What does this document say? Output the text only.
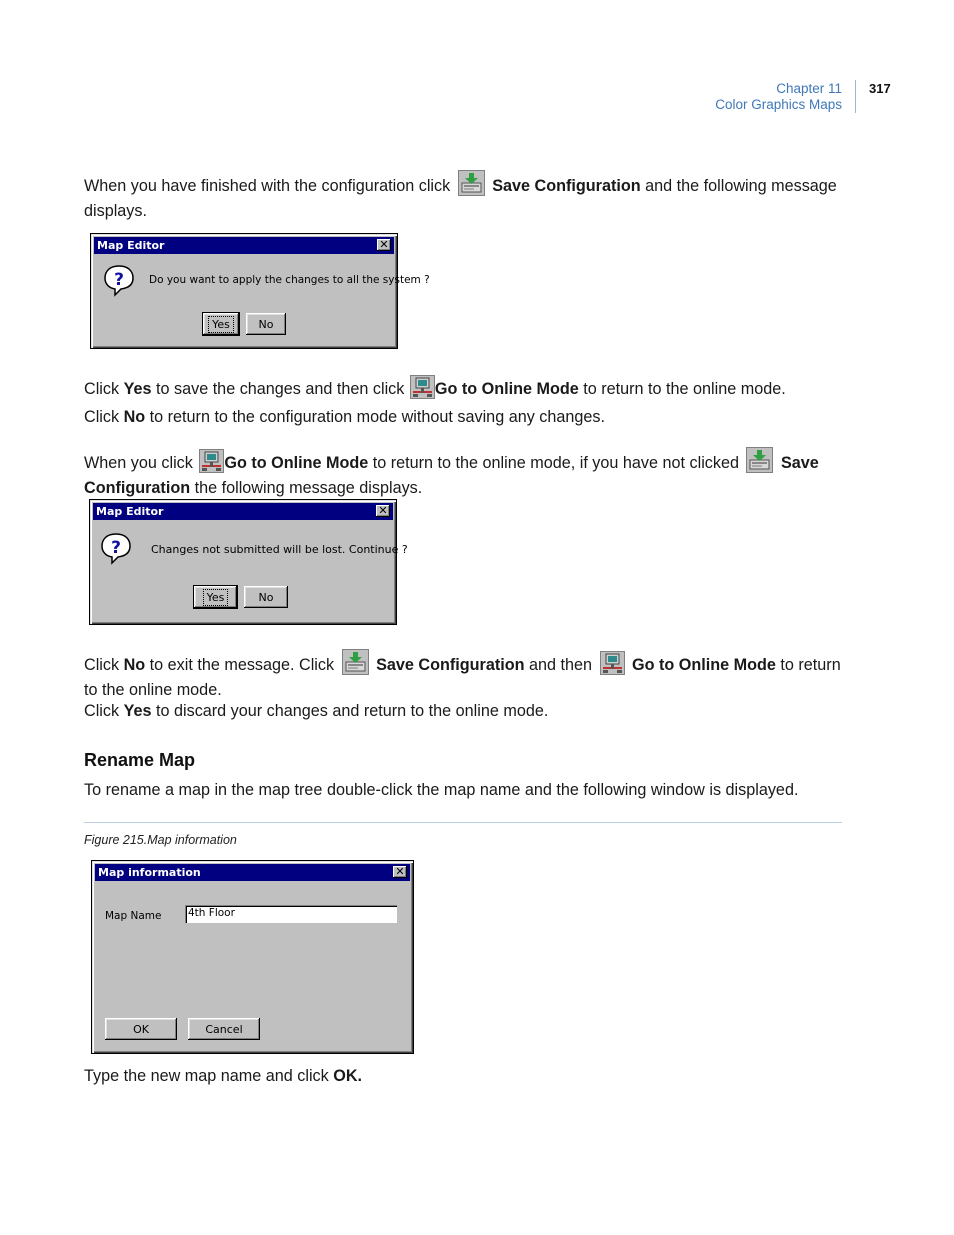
Chapter 11
Color Graphics Maps
317
When you have finished with the configuration click	Save Configuration and the following message displays.
Map Editor	✕
? Do you want to apply the changes to all the system ?
Yes	No
Click Yes to save the changes and then click Go to Online Mode to return to the online mode.
Click No to return to the configuration mode without saving any changes.
When you click Go to Online Mode to return to the online mode, if you have not clicked	Save Configuration the following message displays.
Map Editor	✕
?	Changes not submitted will be lost. Continue ?
Yes	No
Click No to exit the message. Click	Save Configuration and then Go to Online Mode to return to the online mode.
Click Yes to discard your changes and return to the online mode.
Rename Map
To rename a map in the map tree double-click the map name and the following window is displayed.
Figure 215.Map information
Map information	✕
Map Name	4th Floor
OK	Cancel
Type the new map name and click OK.
